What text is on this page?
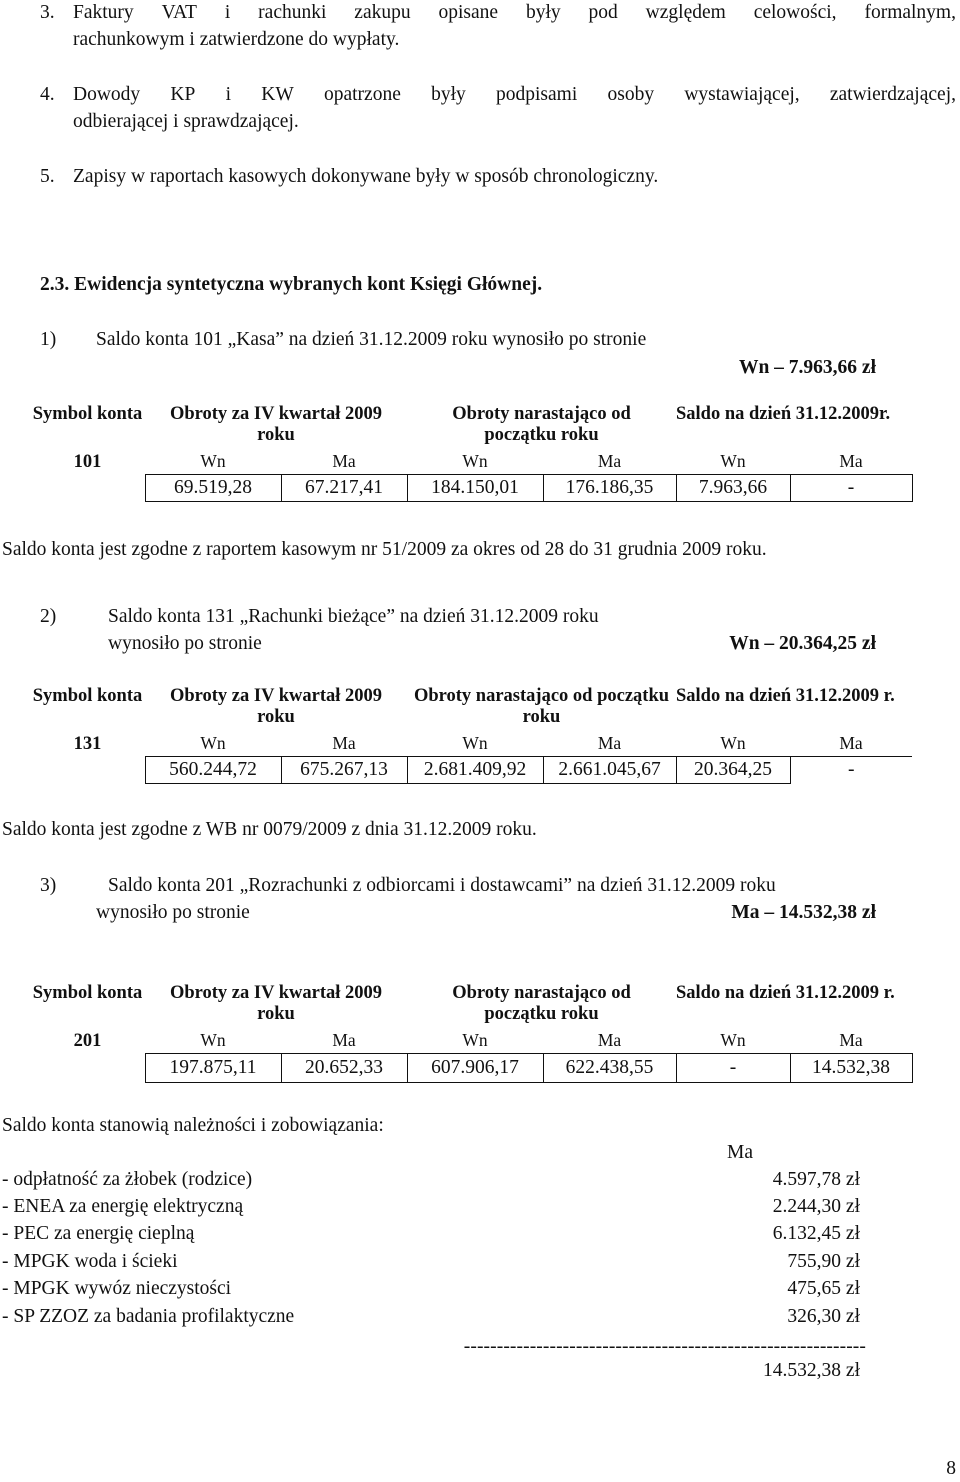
3. Faktury VAT i rachunki zakupu opisane były pod względem celowości, formalnym,
rachunkowym i zatwierdzone do wypłaty.
4. Dowody KP i KW opatrzone były podpisami osoby wystawiającej, zatwierdzającej,
odbierającej i sprawdzającej.
5. Zapisy w raportach kasowych dokonywane były w sposób chronologiczny.
2.3. Ewidencja syntetyczna wybranych kont Księgi Głównej.
1) Saldo konta 101 „Kasa” na dzień 31.12.2009 roku wynosiło po stronie
Wn – 7.963,66 zł
Symbol konta	Obroty za IV kwartał 2009 roku		Obroty narastająco od początku roku		Saldo na dzień 31.12.2009r.	
101	Wn	Ma	Wn	Ma	Wn	Ma
	69.519,28	67.217,41	184.150,01	176.186,35	7.963,66	-
Saldo konta jest zgodne z raportem kasowym nr 51/2009 za okres od 28 do 31 grudnia 2009 roku.
2)	Saldo konta 131 „Rachunki bieżące” na dzień 31.12.2009 roku
wynosiło po stronie	Wn – 20.364,25 zł
Symbol konta	Obroty za IV kwartał 2009 roku		Obroty narastająco od początku roku		Saldo na dzień 31.12.2009 r.	
131	Wn	Ma	Wn	Ma	Wn	Ma
	560.244,72	675.267,13	2.681.409,92	2.661.045,67	20.364,25	-
Saldo konta jest zgodne z WB nr 0079/2009 z dnia 31.12.2009 roku.
3)	Saldo konta 201 „Rozrachunki z odbiorcami i dostawcami” na dzień 31.12.2009 roku
wynosiło po stronie	Ma – 14.532,38 zł
Symbol konta	Obroty za IV kwartał 2009 roku		Obroty narastająco od początku roku		Saldo na dzień 31.12.2009 r.	
201	Wn	Ma	Wn	Ma	Wn	Ma
	197.875,11	20.652,33	607.906,17	622.438,55	-	14.532,38
Saldo konta stanowią należności i zobowiązania:
Ma
- odpłatność za żłobek (rodzice)	4.597,78 zł
- ENEA za energię elektryczną	2.244,30 zł
- PEC za energię cieplną	6.132,45 zł
- MPGK woda i ścieki	755,90 zł
- MPGK wywóz nieczystości	475,65 zł
- SP ZZOZ za badania profilaktyczne	326,30 zł
-------------------------------------------------------------
14.532,38 zł
8
